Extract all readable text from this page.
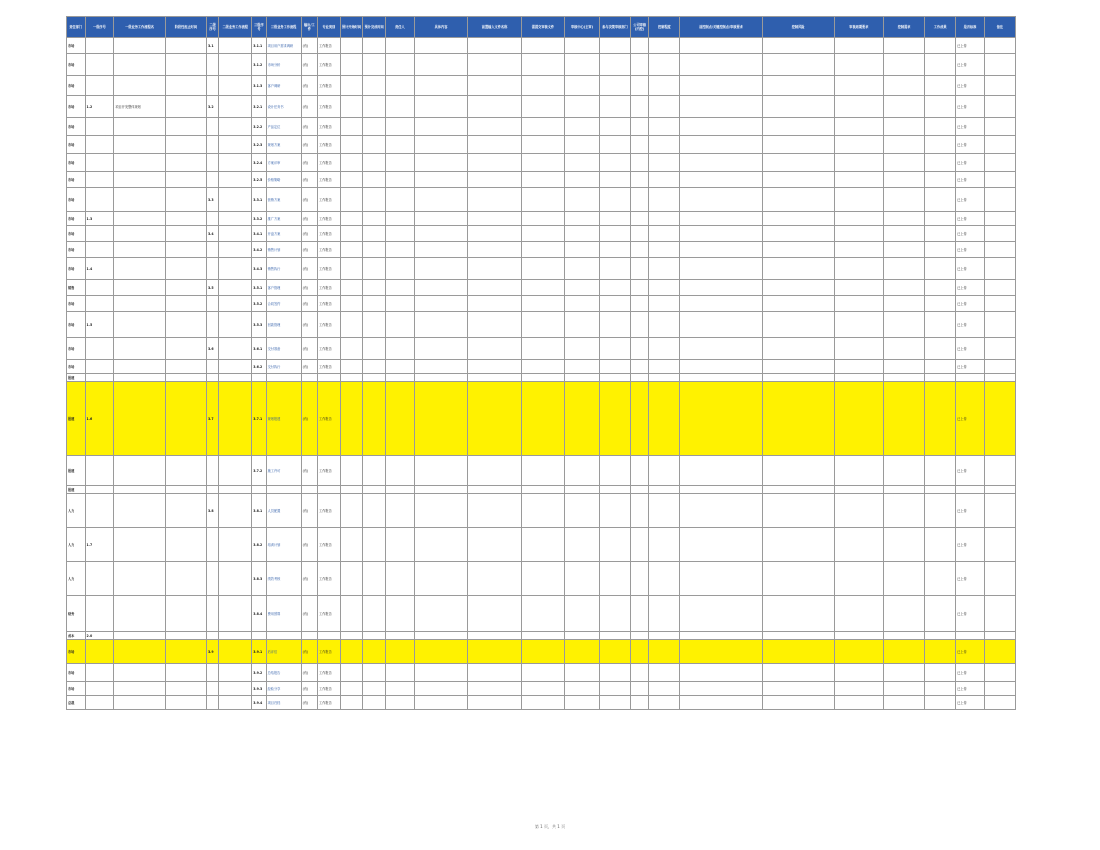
责任部门	一级序号	一级业务工作流程名	阶段性起止时间	二级序号	二级业务工作流程	三级序号	三级业务工作流程	输出/工件	专业类别	预计开始时间	预计完成时间	责任人	具体内容	前置输入文件名称	需提交审核文件	审核中心(主审)	参与决策审核部门	公司审核(内控)	控制程度	前控制点/关键控制点/审核要求	控制风险	审核周期要求	控制需求	工作成果	是否标准	备注
市场				3.1		3.1.1	项目用户需求调研	(有)	工作报告																已上传	
市场						3.1.2	市场分析	(有)	工作报告																已上传	
市场						3.1.3	客户调研	(有)	工作报告																已上传	
市场	1.2	项目开发整体规划		3.2		3.2.1	设计任务书	(有)	工作报告																已上传	
市场						3.2.2	产品定位	(有)	工作报告																已上传	
市场						3.2.3	规划方案	(有)	工作报告																已上传	
市场						3.2.4	方案评审	(有)	工作报告																已上传	
市场						3.2.5	价格策略	(有)	工作报告																已上传	
市场				3.3		3.3.1	营销方案	(有)	工作报告																已上传	
市场	1.3					3.3.2	推广方案	(有)	工作报告																已上传	
市场				3.4		3.4.1	开盘方案	(有)	工作报告																已上传	
市场						3.4.2	销售计划	(有)	工作报告																已上传	
市场	1.4					3.4.3	销售执行	(有)	工作报告																已上传	
销售				3.5		3.5.1	客户管理	(有)	工作报告																已上传	
市场						3.5.2	合同签约	(有)	工作报告																已上传	
市场	1.5					3.5.3	回款管理	(有)	工作报告																已上传	
市场				3.6		3.6.1	交付准备	(有)	工作报告																已上传	
市场						3.6.2	交付执行	(有)	工作报告																已上传	
报建																										
报建	1.6			3.7		3.7.1	规划报建	(有)	工作报告																已上传	
报建						3.7.2	施工许可	(有)	工作报告																已上传	
报建																										
人力				3.8		3.8.1	人员配置	(有)	工作报告																已上传	
人力	1.7					3.8.2	培训计划	(有)	工作报告																已上传	
人力						3.8.3	绩效考核	(有)	工作报告																已上传	
财务						3.8.4	费用预算	(有)	工作报告																已上传	
成本	2.0																									
市场				3.9		3.9.1	后评估	(有)	工作报告																已上传	
市场						3.9.2	总结报告	(有)	工作报告																已上传	
市场						3.9.3	经验分享	(有)	工作报告																已上传	
总裁						3.9.4	项目归档	(有)	工作报告																已上传	
第 1 页，共 1 页
